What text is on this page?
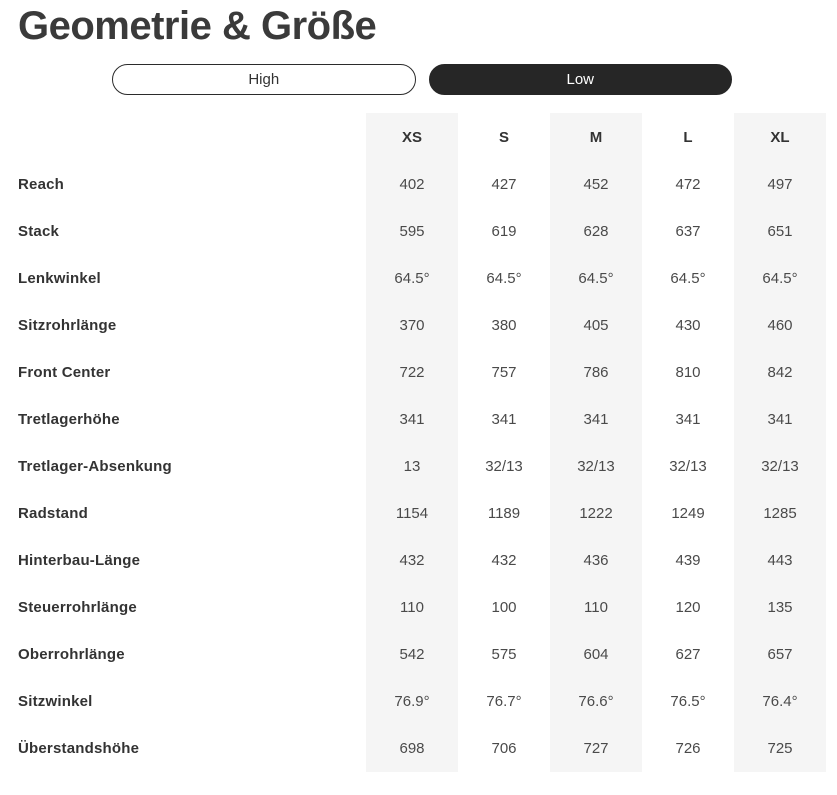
Geometrie & Größe
High	Low
XS	S	M	L	XL
Reach	402	427	452	472	497
Stack	595	619	628	637	651
Lenkwinkel	64.5°	64.5°	64.5°	64.5°	64.5°
Sitzrohrlänge	370	380	405	430	460
Front Center	722	757	786	810	842
Tretlagerhöhe	341	341	341	341	341
Tretlager-Absenkung	13	32/13	32/13	32/13	32/13
Radstand	1154	1189	1222	1249	1285
Hinterbau-Länge	432	432	436	439	443
Steuerrohrlänge	110	100	110	120	135
Oberrohrlänge	542	575	604	627	657
Sitzwinkel	76.9°	76.7°	76.6°	76.5°	76.4°
Überstandshöhe	698	706	727	726	725
